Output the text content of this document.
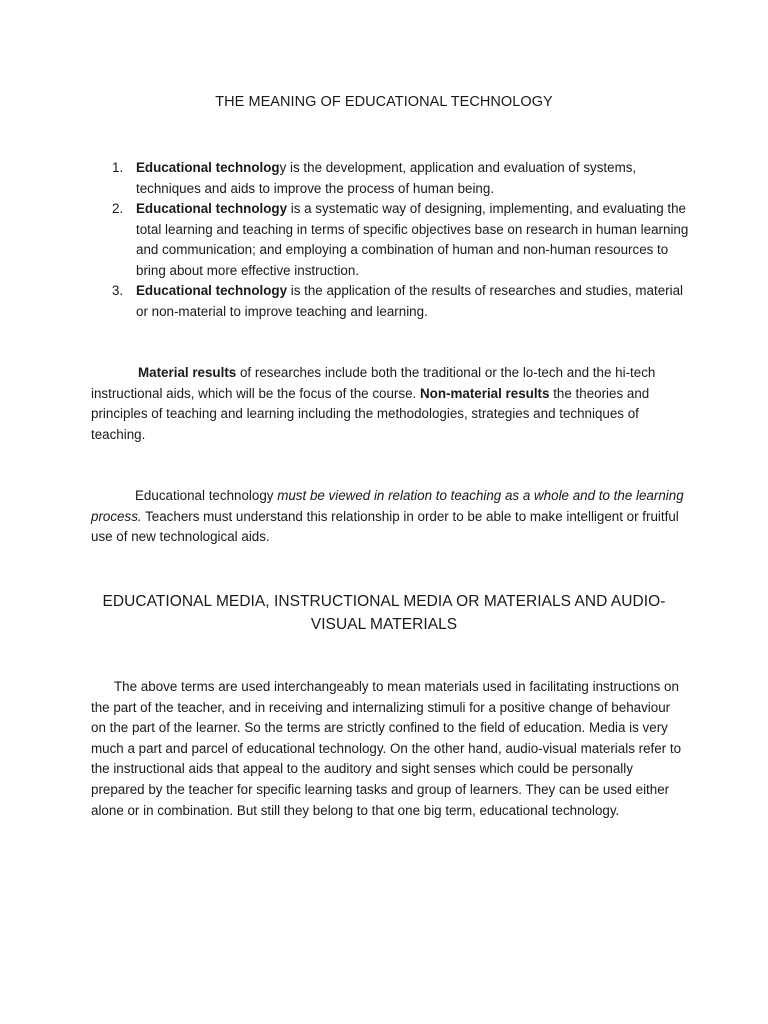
THE MEANING OF EDUCATIONAL TECHNOLOGY
1. Educational technology is the development, application and evaluation of systems, techniques and aids to improve the process of human being.
2. Educational technology is a systematic way of designing, implementing, and evaluating the total learning and teaching in terms of specific objectives base on research in human learning and communication; and employing a combination of human and non-human resources to bring about more effective instruction.
3. Educational technology is the application of the results of researches and studies, material or non-material to improve teaching and learning.

Material results of researches include both the traditional or the lo-tech and the hi-tech instructional aids, which will be the focus of the course. Non-material results the theories and principles of teaching and learning including the methodologies, strategies and techniques of teaching.

Educational technology must be viewed in relation to teaching as a whole and to the learning process. Teachers must understand this relationship in order to be able to make intelligent or fruitful use of new technological aids.

EDUCATIONAL MEDIA, INSTRUCTIONAL MEDIA OR MATERIALS AND AUDIO-VISUAL MATERIALS

The above terms are used interchangeably to mean materials used in facilitating instructions on the part of the teacher, and in receiving and internalizing stimuli for a positive change of behaviour on the part of the learner. So the terms are strictly confined to the field of education. Media is very much a part and parcel of educational technology. On the other hand, audio-visual materials refer to the instructional aids that appeal to the auditory and sight senses which could be personally prepared by the teacher for specific learning tasks and group of learners. They can be used either alone or in combination. But still they belong to that one big term, educational technology.
